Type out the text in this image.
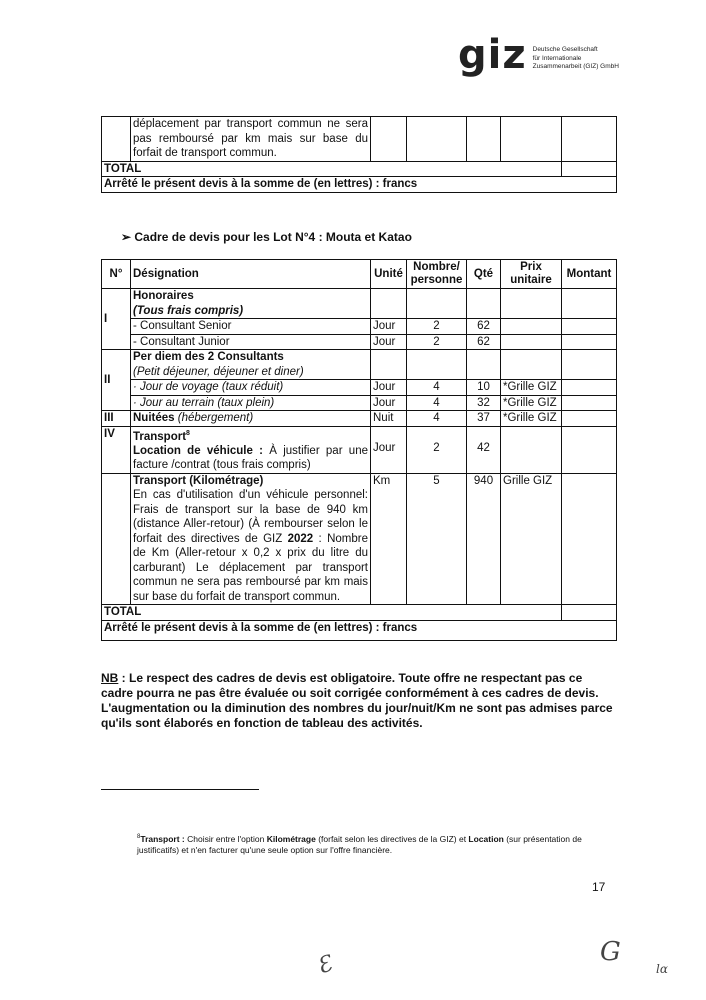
giz Deutsche Gesellschaft
für Internationale
Zusammenarbeit (GIZ) GmbH
	déplacement par transport commun ne sera pas remboursé par km mais sur base du forfait de transport commun.					
TOTAL						
Arrêté le présent devis à la somme de (en lettres) : francs						
➢ Cadre de devis pour les Lot N°4 : Mouta et Katao
N°	Désignation	Unité	Nombre/ personne	Qté	Prix unitaire	Montant
I	Honoraires
(Tous frais compris)					

	- Consultant Senior	Jour	2	62		
	- Consultant Junior	Jour	2	62		
II	Per diem des 2 Consultants
(Petit déjeuner, déjeuner et diner)					

	· Jour de voyage (taux réduit)	Jour	4	10	*Grille GIZ	
	· Jour au terrain (taux plein)	Jour	4	32	*Grille GIZ	
III	Nuitées (hébergement)	Nuit	4	37	*Grille GIZ	
IV	Transport$^8$
Location de véhicule : À justifier par une facture /contrat (tous frais compris)	Jour	2	42		

	Transport (Kilométrage)
En cas d'utilisation d'un véhicule personnel: Frais de transport sur la base de 940 km (distance Aller-retour) (À rembourser selon le forfait des directives de GIZ 2022 : Nombre de Km (Aller-retour x 0,2 x prix du litre du carburant) Le déplacement par transport commun ne sera pas remboursé par km mais sur base du forfait de transport commun.	Km	5	940	Grille GIZ	
TOTAL						
Arrêté le présent devis à la somme de (en lettres) : francs						
NB : Le respect des cadres de devis est obligatoire. Toute offre ne respectant pas ce cadre pourra ne pas être évaluée ou soit corrigée conformément à ces cadres de devis. L'augmentation ou la diminution des nombres du jour/nuit/Km ne sont pas admises parce qu'ils sont élaborés en fonction de tableau des activités.
$^8$Transport : Choisir entre l'option Kilométrage (forfait selon les directives de la GIZ) et Location (sur présentation de justificatifs) et n'en facturer qu'une seule option sur l'offre financière.
17
Ɛ	G
lα
